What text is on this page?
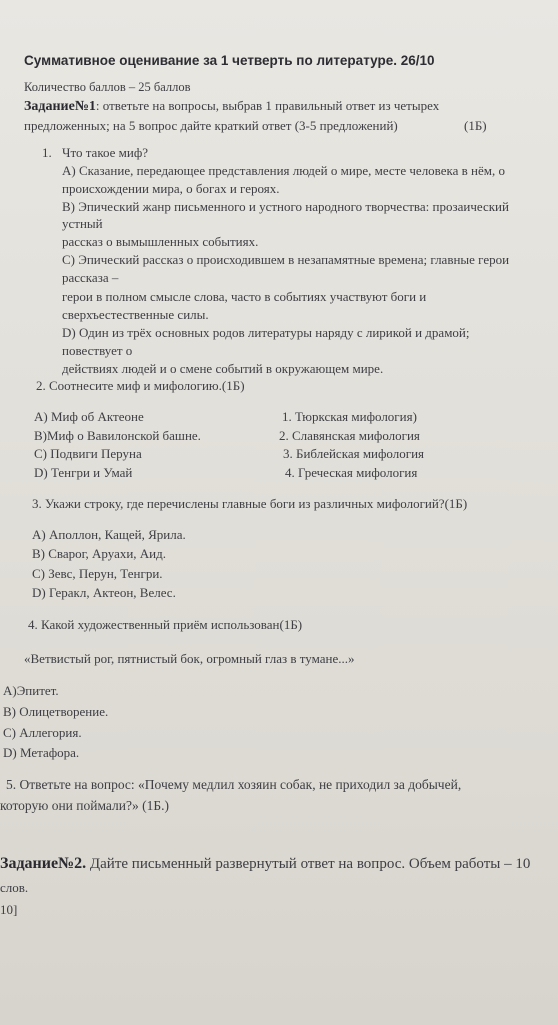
Суммативное оценивание за 1 четверть по литературе. 26/10
Количество баллов – 25 баллов
Задание№1: ответьте на вопросы, выбрав 1 правильный ответ из четырех
предложенных; на 5 вопрос дайте краткий ответ (3-5 предложений)	(1Б)
1. Что такое миф?
А) Сказание, передающее представления людей о мире, месте человека в нём, о
происхождении мира, о богах и героях.
В) Эпический жанр письменного и устного народного творчества: прозаический
устный
рассказ о вымышленных событиях.
С) Эпический рассказ о происходившем в незапамятные времена; главные герои
рассказа –
герои в полном смысле слова, часто в событиях участвуют боги и
сверхъестественные силы.
D) Один из трёх основных родов литературы наряду с лирикой и драмой;
повествует о
действиях людей и о смене событий в окружающем мире.
2. Соотнесите миф и мифологию.(1Б)
А) Миф об Актеоне
В)Миф о Вавилонской башне.
С) Подвиги Перуна
D) Тенгри и Умай
1. Тюркская мифология)
2. Славянская мифология
3. Библейская мифология
4. Греческая мифология
3. Укажи строку, где перечислены главные боги из различных мифологий?(1Б)
А) Аполлон, Кащей, Ярила.
В) Сварог, Аруахи, Аид.
С) Зевс, Перун, Тенгри.
D) Геракл, Актеон, Велес.
4. Какой художественный приём использован(1Б)
«Ветвистый рог, пятнистый бок, огромный глаз в тумане...»
А)Эпитет.
В) Олицетворение.
С) Аллегория.
D) Метафора.
5. Ответьте на вопрос: «Почему медлил хозяин собак, не приходил за добычей,
которую они поймали?» (1Б.)
Задание№2. Дайте письменный развернутый ответ на вопрос. Объем работы – 10
слов.
10]
